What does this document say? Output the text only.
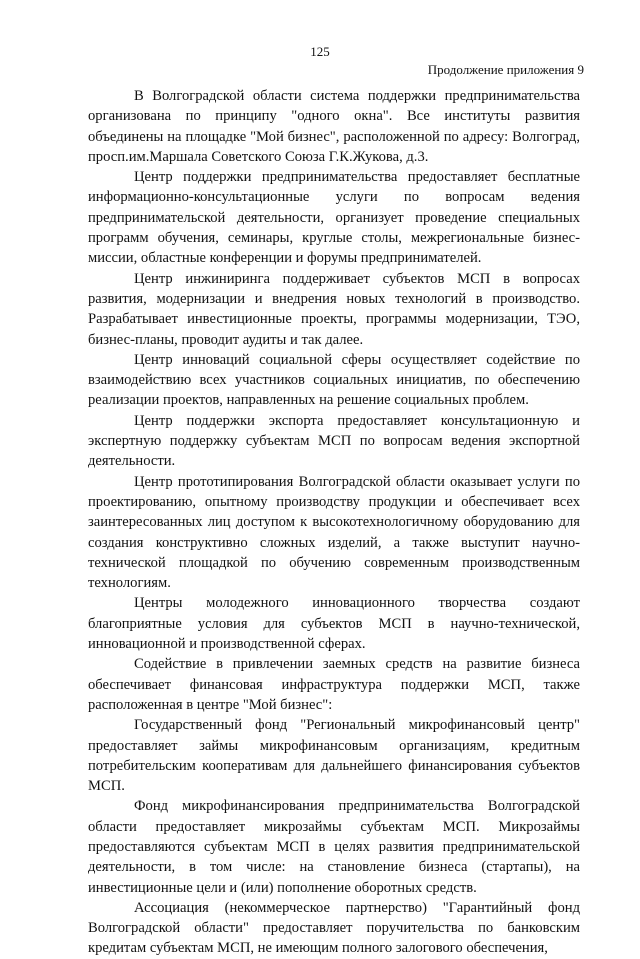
125
Продолжение приложения 9

В Волгоградской области система поддержки предпринимательства организована по принципу "одного окна". Все институты развития объединены на площадке "Мой бизнес", расположенной по адресу: Волгоград, просп.им.Маршала Советского Союза Г.К.Жукова, д.3.

Центр поддержки предпринимательства предоставляет бесплатные информационно-консультационные услуги по вопросам ведения предпринимательской деятельности, организует проведение специальных программ обучения, семинары, круглые столы, межрегиональные бизнес-миссии, областные конференции и форумы предпринимателей.

Центр инжиниринга поддерживает субъектов МСП в вопросах развития, модернизации и внедрения новых технологий в производство. Разрабатывает инвестиционные проекты, программы модернизации, ТЭО, бизнес-планы, проводит аудиты и так далее.

Центр инноваций социальной сферы осуществляет содействие по взаимодействию всех участников социальных инициатив, по обеспечению реализации проектов, направленных на решение социальных проблем.

Центр поддержки экспорта предоставляет консультационную и экспертную поддержку субъектам МСП по вопросам ведения экспортной деятельности.

Центр прототипирования Волгоградской области оказывает услуги по проектированию, опытному производству продукции и обеспечивает всех заинтересованных лиц доступом к высокотехнологичному оборудованию для создания конструктивно сложных изделий, а также выступит научно-технической площадкой по обучению современным производственным технологиям.

Центры молодежного инновационного творчества создают благоприятные условия для субъектов МСП в научно-технической, инновационной и производственной сферах.

Содействие в привлечении заемных средств на развитие бизнеса обеспечивает финансовая инфраструктура поддержки МСП, также расположенная в центре "Мой бизнес":

Государственный фонд "Региональный микрофинансовый центр" предоставляет займы микрофинансовым организациям, кредитным потребительским кооперативам для дальнейшего финансирования субъектов МСП.

Фонд микрофинансирования предпринимательства Волгоградской области предоставляет микрозаймы субъектам МСП. Микрозаймы предоставляются субъектам МСП в целях развития предпринимательской деятельности, в том числе: на становление бизнеса (стартапы), на инвестиционные цели и (или) пополнение оборотных средств.

Ассоциация (некоммерческое партнерство) "Гарантийный фонд Волгоградской области" предоставляет поручительства по банковским кредитам субъектам МСП, не имеющим полного залогового обеспечения,
